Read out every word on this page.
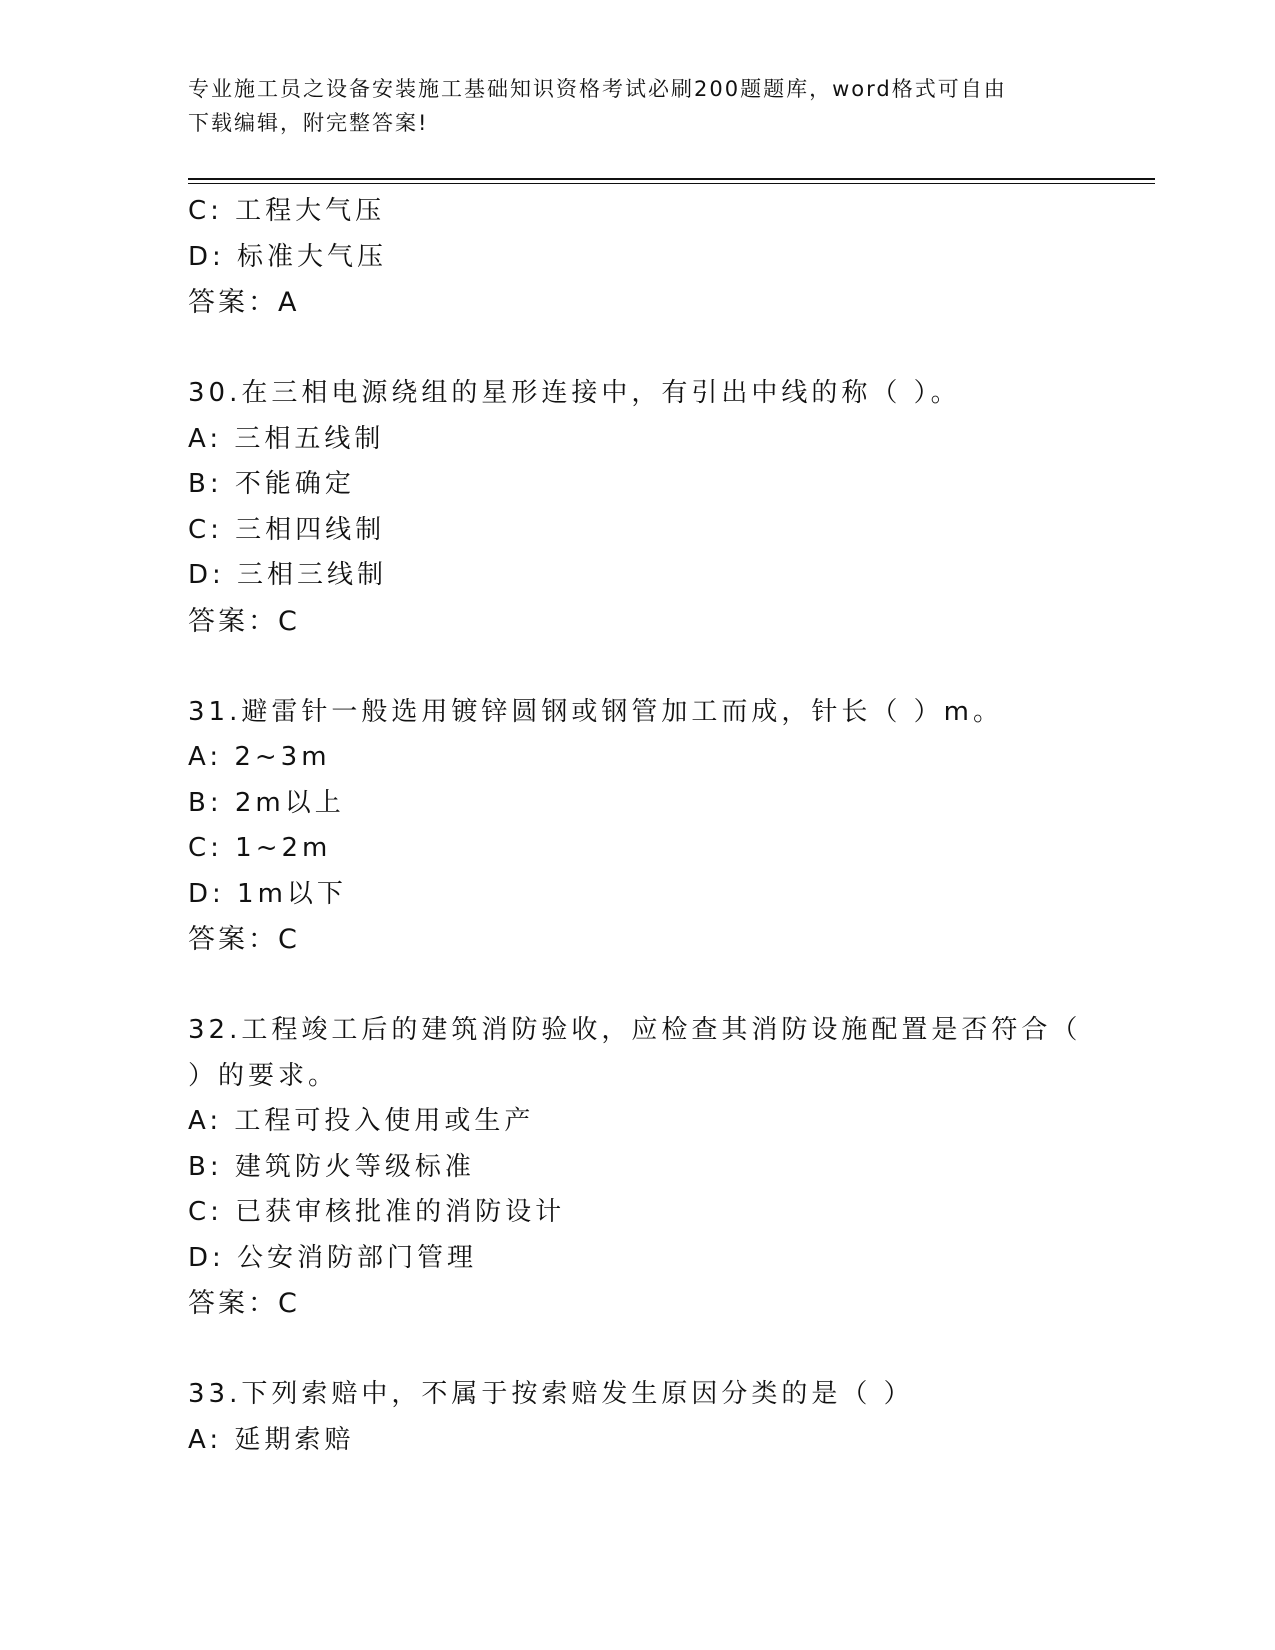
专业施工员之设备安装施工基础知识资格考试必刷200题题库，word格式可自由
下载编辑，附完整答案!
C: 工程大气压
D: 标准大气压
答案：A
30.在三相电源绕组的星形连接中，有引出中线的称（ ）。
A: 三相五线制
B: 不能确定
C: 三相四线制
D: 三相三线制
答案：C
31.避雷针一般选用镀锌圆钢或钢管加工而成，针长（ ）m。
A: 2~3m
B: 2m以上
C: 1~2m
D: 1m以下
答案：C
32.工程竣工后的建筑消防验收，应检查其消防设施配置是否符合（
）的要求。
A: 工程可投入使用或生产
B: 建筑防火等级标准
C: 已获审核批准的消防设计
D: 公安消防部门管理
答案：C
33.下列索赔中，不属于按索赔发生原因分类的是（ ）
A: 延期索赔
